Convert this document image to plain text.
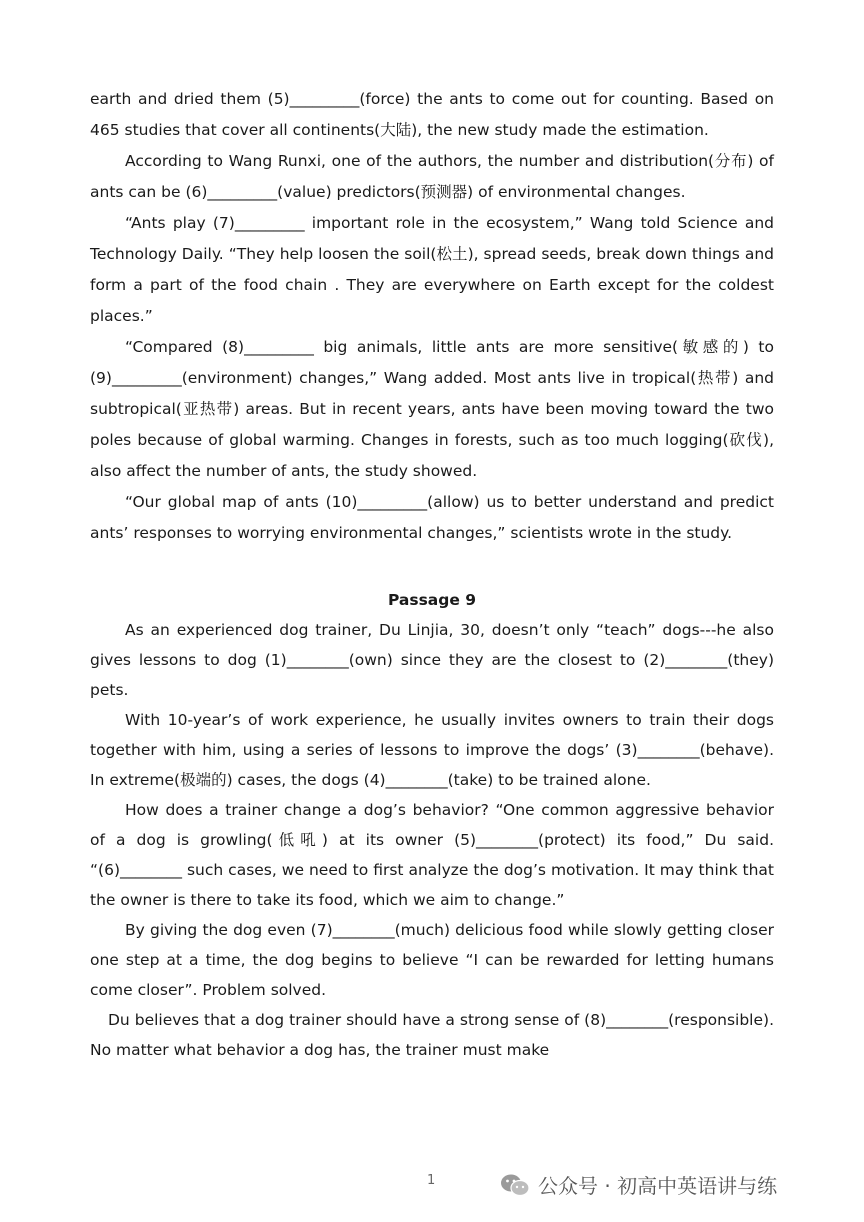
earth and dried them (5)_________(force) the ants to come out for counting. Based on 465 studies that cover all continents(大陆), the new study made the estimation.

According to Wang Runxi, one of the authors, the number and distribution(分布) of ants can be (6)_________(value) predictors(预测器) of environmental changes.

“Ants play (7)_________ important role in the ecosystem,” Wang told Science and Technology Daily. “They help loosen the soil(松土), spread seeds, break down things and form a part of the food chain . They are everywhere on Earth except for the coldest places.”

“Compared (8)_________ big animals, little ants are more sensitive(敏感的) to (9)_________(environment) changes,” Wang added. Most ants live in tropical(热带) and subtropical(亚热带) areas. But in recent years, ants have been moving toward the two poles because of global warming. Changes in forests, such as too much logging(砍伐), also affect the number of ants, the study showed.

“Our global map of ants (10)_________(allow) us to better understand and predict ants’ responses to worrying environmental changes,” scientists wrote in the study.

Passage 9

As an experienced dog trainer, Du Linjia, 30, doesn’t only “teach” dogs---he also gives lessons to dog (1)________(own) since they are the closest to (2)________(they) pets.

With 10-year’s of work experience, he usually invites owners to train their dogs together with him, using a series of lessons to improve the dogs’ (3)________(behave). In extreme(极端的) cases, the dogs (4)________(take) to be trained alone.

How does a trainer change a dog’s behavior? “One common aggressive behavior of a dog is growling(低吼) at its owner (5)________(protect) its food,” Du said. “(6)________ such cases, we need to first analyze the dog’s motivation. It may think that the owner is there to take its food, which we aim to change.”

By giving the dog even (7)________(much) delicious food while slowly getting closer one step at a time, the dog begins to believe “I can be rewarded for letting humans come closer”. Problem solved.

Du believes that a dog trainer should have a strong sense of (8)________(responsible). No matter what behavior a dog has, the trainer must make

1	公众号 · 初高中英语讲与练
